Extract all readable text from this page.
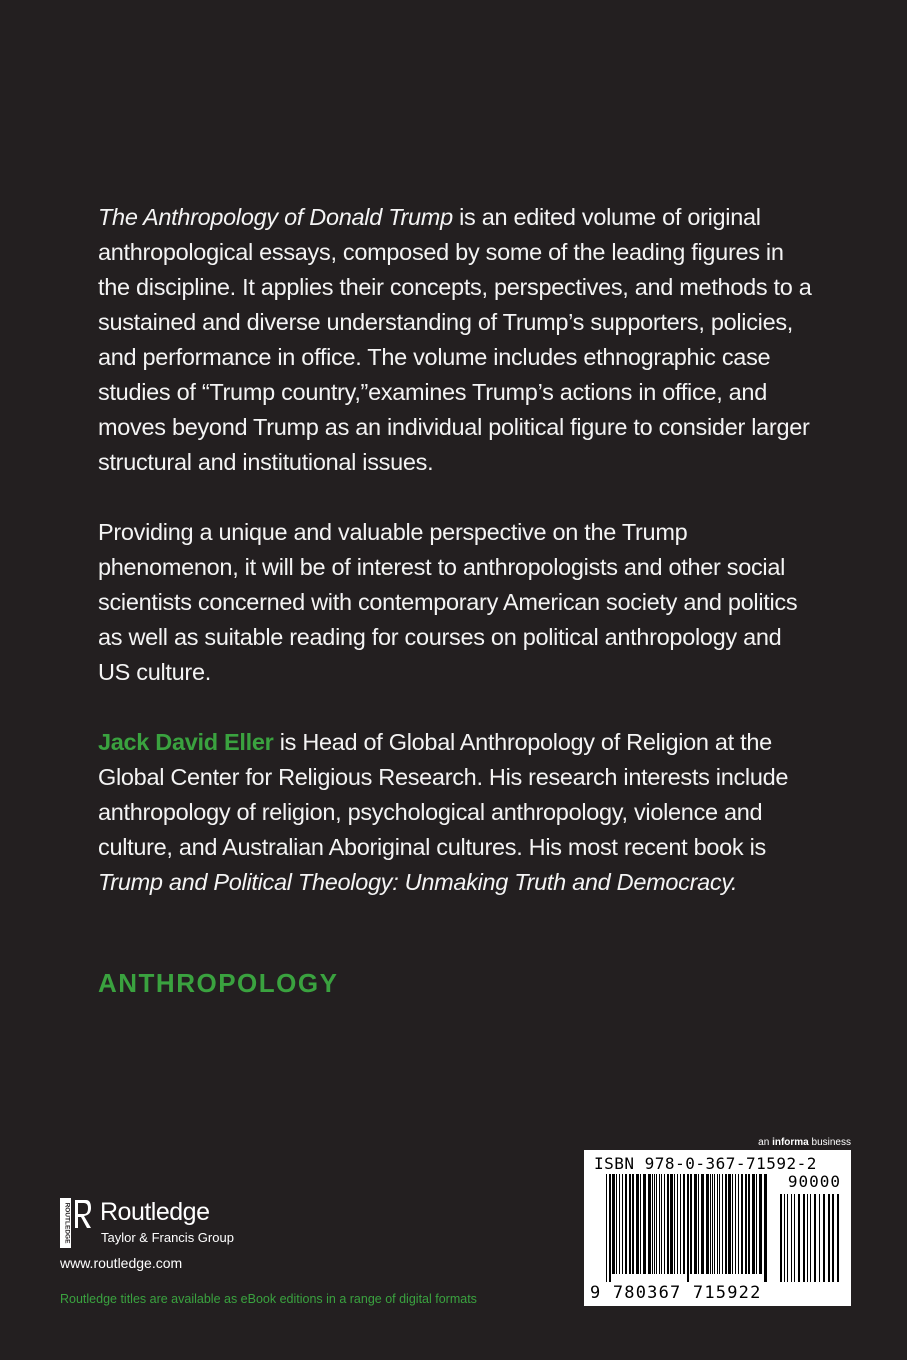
The Anthropology of Donald Trump is an edited volume of original anthropological essays, composed by some of the leading figures in the discipline. It applies their concepts, perspectives, and methods to a sustained and diverse understanding of Trump’s supporters, policies, and performance in office. The volume includes ethnographic case studies of “Trump country,”examines Trump’s actions in office, and moves beyond Trump as an individual political figure to consider larger structural and institutional issues.

Providing a unique and valuable perspective on the Trump phenomenon, it will be of interest to anthropologists and other social scientists concerned with contemporary American society and politics as well as suitable reading for courses on political anthropology and US culture.

Jack David Eller is Head of Global Anthropology of Religion at the Global Center for Religious Research. His research interests include anthropology of religion, psychological anthropology, violence and culture, and Australian Aboriginal cultures. His most recent book is Trump and Political Theology: Unmaking Truth and Democracy.

ANTHROPOLOGY
ROUTLEDGE Routledge
Taylor & Francis Group
www.routledge.com
Routledge titles are available as eBook editions in a range of digital formats
an informa business
ISBN 978-0-367-71592-2
90000
9 780367 715922
